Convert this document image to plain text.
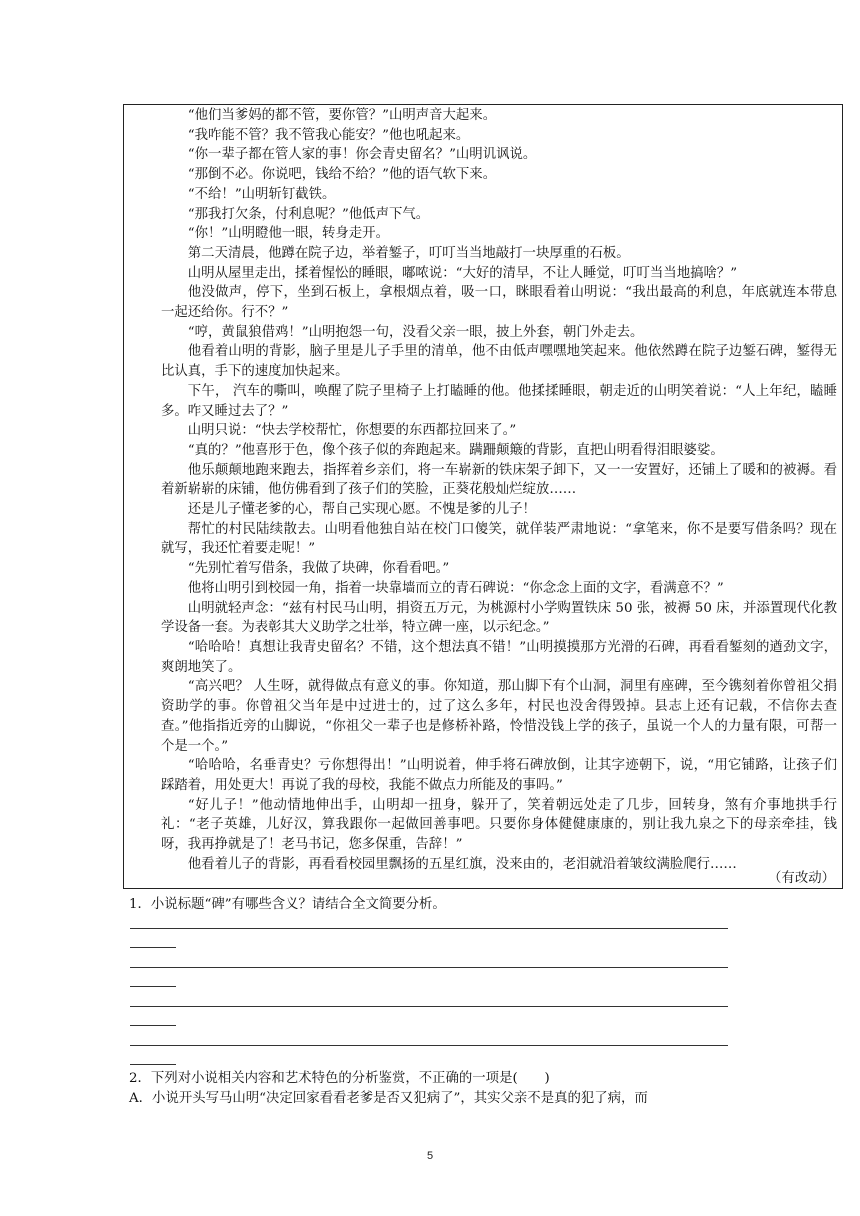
“他们当爹妈的都不管，要你管？”山明声音大起来。

“我咋能不管？我不管我心能安？”他也吼起来。

“你一辈子都在管人家的事！你会青史留名？”山明讥讽说。

“那倒不必。你说吧，钱给不给？”他的语气软下来。

“不给！”山明斩钉截铁。

“那我打欠条，付利息呢？”他低声下气。

“你！”山明瞪他一眼，转身走开。

第二天清晨，他蹲在院子边，举着錾子，叮叮当当地敲打一块厚重的石板。

山明从屋里走出，揉着惺忪的睡眼，嘟哝说：“大好的清早，不让人睡觉，叮叮当当地搞啥？”

他没做声，停下，坐到石板上，拿根烟点着，吸一口，眯眼看着山明说：“我出最高的利息，年底就连本带息一起还给你。行不？”

“哼，黄鼠狼借鸡！”山明抱怨一句，没看父亲一眼，披上外套，朝门外走去。

他看着山明的背影，脑子里是儿子手里的清单，他不由低声嘿嘿地笑起来。他依然蹲在院子边錾石碑，錾得无比认真，手下的速度加快起来。

下午， 汽车的嘶叫，唤醒了院子里椅子上打瞌睡的他。他揉揉睡眼，朝走近的山明笑着说：“人上年纪，瞌睡多。咋又睡过去了？”

山明只说：“快去学校帮忙，你想要的东西都拉回来了。”

“真的？”他喜形于色，像个孩子似的奔跑起来。蹒跚颠簸的背影，直把山明看得泪眼婆娑。

他乐颠颠地跑来跑去，指挥着乡亲们，将一车崭新的铁床架子卸下，又一一安置好，还铺上了暖和的被褥。看着新崭崭的床铺，他仿佛看到了孩子们的笑脸，正葵花般灿烂绽放……

还是儿子懂老爹的心，帮自己实现心愿。不愧是爹的儿子！

帮忙的村民陆续散去。山明看他独自站在校门口傻笑，就佯装严肃地说：“拿笔来，你不是要写借条吗？现在就写，我还忙着要走呢！”

“先别忙着写借条，我做了块碑，你看看吧。”

他将山明引到校园一角，指着一块靠墙而立的青石碑说：“你念念上面的文字，看满意不？”

山明就轻声念：“兹有村民马山明，捐资五万元，为桃源村小学购置铁床 50 张，被褥 50 床，并添置现代化教学设备一套。为表彰其大义助学之壮举，特立碑一座，以示纪念。”

“哈哈哈！真想让我青史留名？不错，这个想法真不错！”山明摸摸那方光滑的石碑，再看看錾刻的遒劲文字，爽朗地笑了。

“高兴吧？ 人生呀，就得做点有意义的事。你知道，那山脚下有个山洞，洞里有座碑，至今镌刻着你曾祖父捐资助学的事。你曾祖父当年是中过进士的，过了这么多年，村民也没舍得毁掉。县志上还有记载，不信你去查查。”他指指近旁的山脚说，“你祖父一辈子也是修桥补路，怜惜没钱上学的孩子，虽说一个人的力量有限，可帮一个是一个。”

“哈哈哈，名垂青史？亏你想得出！”山明说着，伸手将石碑放倒，让其字迹朝下，说，“用它铺路，让孩子们踩踏着，用处更大！再说了我的母校，我能不做点力所能及的事吗。”

“好儿子！”他动情地伸出手，山明却一扭身，躲开了，笑着朝远处走了几步，回转身，煞有介事地拱手行礼：“老子英雄，儿好汉，算我跟你一起做回善事吧。只要你身体健健康康的，别让我九泉之下的母亲牵挂，钱呀，我再挣就是了！老马书记，您多保重，告辞！”

他看着儿子的背影，再看看校园里飘扬的五星红旗，没来由的，老泪就沿着皱纹满脸爬行……

（有改动）
1．小说标题“碑”有哪些含义？请结合全文简要分析。
2．下列对小说相关内容和艺术特色的分析鉴赏，不正确的一项是(　　)
A．小说开头写马山明“决定回家看看老爹是否又犯病了”，其实父亲不是真的犯了病，而
5
